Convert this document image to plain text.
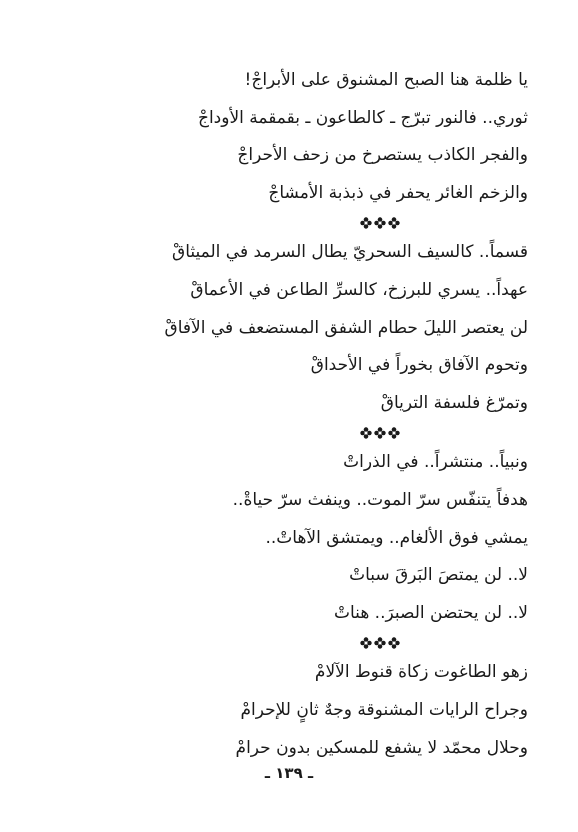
يا ظلمة هنا الصبح المشنوق على الأبراجْ!
ثوري.. فالنور تبرّج ـ كالطاعون ـ بقمقمة الأوداجْ
والفجر الكاذب يستصرخ من زحف الأحراجْ
والزخم الغائر يحفر في ذبذبة الأمشاجْ
قسماً.. كالسيف السحريّ يطال السرمد في الميثاقْ
عهداً.. يسري للبرزخ، كالسرِّ الطاعن في الأعماقْ
لن يعتصر الليلَ حطام الشفق المستضعف في الآفاقْ
وتحوم الآفاق بخوراً في الأحداقْ
وتمرّغ فلسفة الترياقْ
ونبياً.. منتشراً.. في الذراتْ
هدفاً يتنفّس سرّ الموت.. وينفث سرّ حياةْ..
يمشي فوق الألغام.. ويمتشق الآهاتْ..
لا.. لن يمتصَ البَرقَ سباتْ
لا.. لن يحتضن الصبرَ.. هناتْ
زهو الطاغوت زكاة قنوط الآلامْ
وجراح الرايات المشنوقة وجهٌ ثانٍ للإحرامْ
وحلال محمّد لا يشفع للمسكين بدون حرامْ
ـ ١٣٩ ـ
